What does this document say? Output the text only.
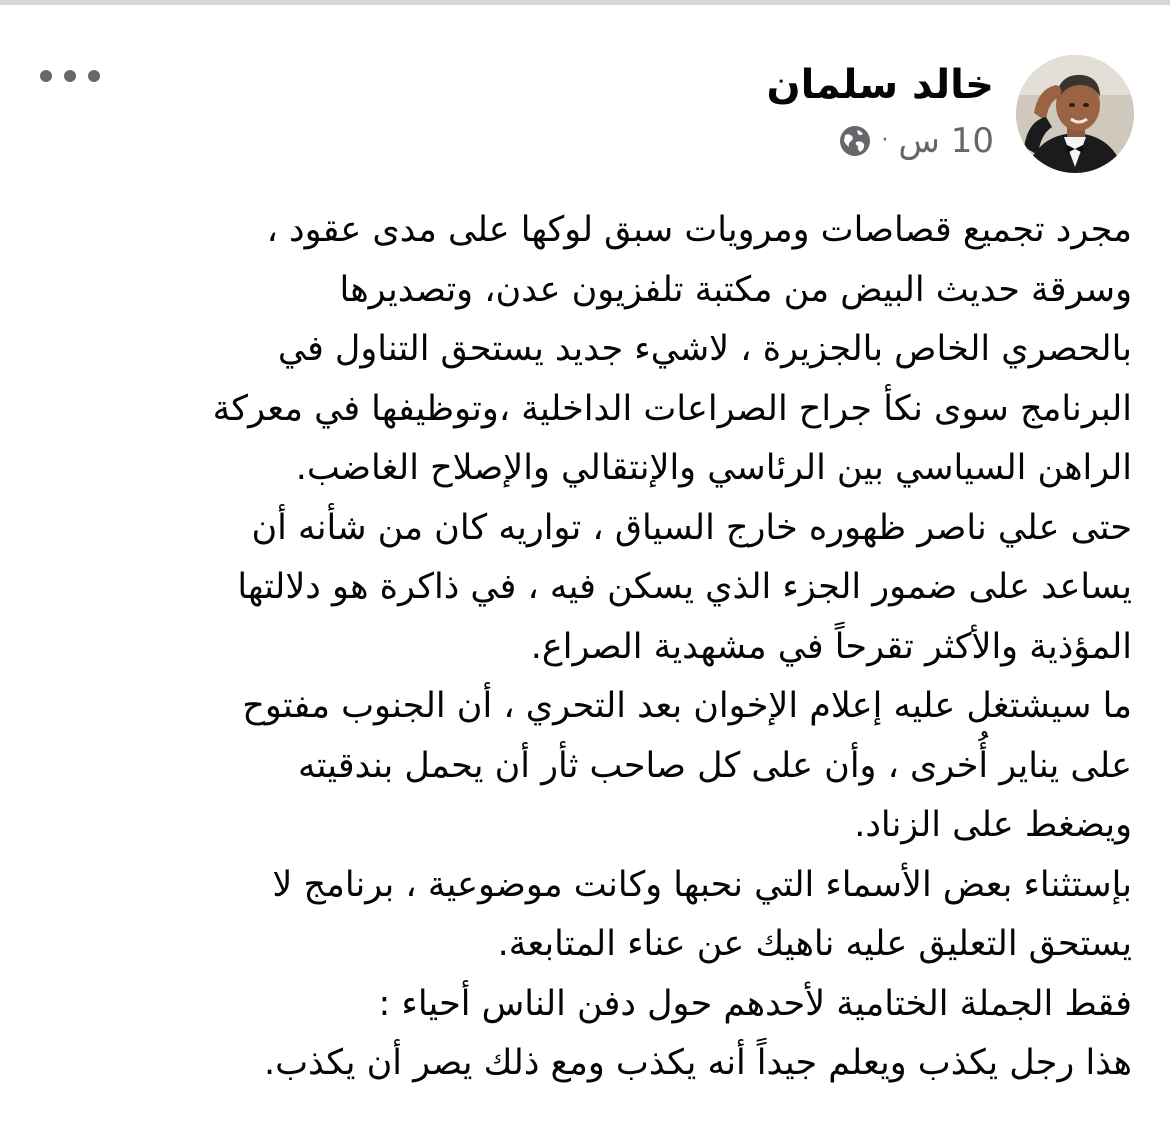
خالد سلمان
10 س
·

مجرد تجميع قصاصات ومرويات سبق لوكها على مدى عقود ،

وسرقة حديث البيض من مكتبة تلفزيون عدن، وتصديرها

بالحصري الخاص بالجزيرة ، لاشيء جديد يستحق التناول في

البرنامج سوى نكأ جراح الصراعات الداخلية ،وتوظيفها في معركة

الراهن السياسي بين الرئاسي والإنتقالي والإصلاح الغاضب.

حتى علي ناصر ظهوره خارج السياق ، تواريه كان من شأنه أن

يساعد على ضمور الجزء الذي يسكن فيه ، في ذاكرة هو دلالتها

المؤذية والأكثر تقرحاً في مشهدية الصراع.

ما سيشتغل عليه إعلام الإخوان بعد التحري ، أن الجنوب مفتوح

على يناير أُخرى ، وأن على كل صاحب ثأر أن يحمل بندقيته

ويضغط على الزناد.

بإستثناء بعض الأسماء التي نحبها وكانت موضوعية ، برنامج لا

يستحق التعليق عليه ناهيك عن عناء المتابعة.

فقط الجملة الختامية لأحدهم حول دفن الناس أحياء :

هذا رجل يكذب ويعلم جيداً أنه يكذب ومع ذلك يصر أن يكذب.
